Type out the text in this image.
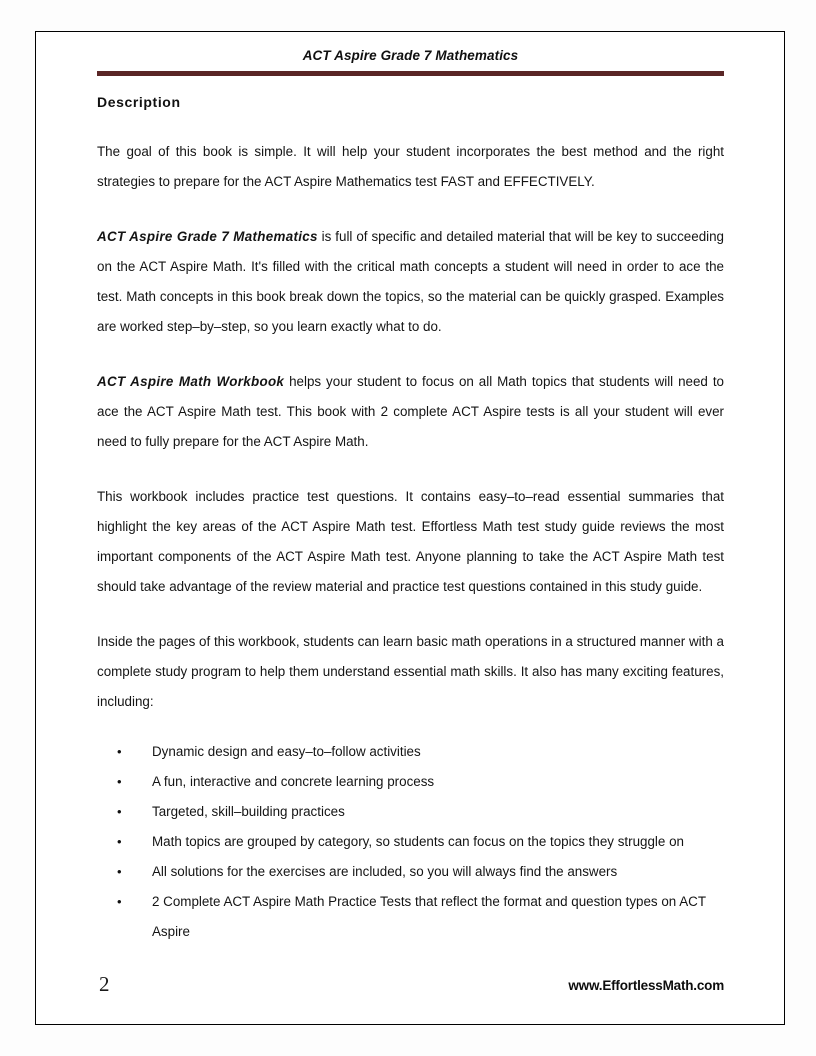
ACT Aspire Grade 7 Mathematics
Description

The goal of this book is simple. It will help your student incorporates the best method and the right strategies to prepare for the ACT Aspire Mathematics test FAST and EFFECTIVELY.

ACT Aspire Grade 7 Mathematics is full of specific and detailed material that will be key to succeeding on the ACT Aspire Math. It's filled with the critical math concepts a student will need in order to ace the test. Math concepts in this book break down the topics, so the material can be quickly grasped. Examples are worked step–by–step, so you learn exactly what to do.

ACT Aspire Math Workbook helps your student to focus on all Math topics that students will need to ace the ACT Aspire Math test. This book with 2 complete ACT Aspire tests is all your student will ever need to fully prepare for the ACT Aspire Math.

This workbook includes practice test questions. It contains easy–to–read essential summaries that highlight the key areas of the ACT Aspire Math test. Effortless Math test study guide reviews the most important components of the ACT Aspire Math test. Anyone planning to take the ACT Aspire Math test should take advantage of the review material and practice test questions contained in this study guide.

Inside the pages of this workbook, students can learn basic math operations in a structured manner with a complete study program to help them understand essential math skills. It also has many exciting features, including:

• Dynamic design and easy–to–follow activities
• A fun, interactive and concrete learning process
• Targeted, skill–building practices
• Math topics are grouped by category, so students can focus on the topics they struggle on
• All solutions for the exercises are included, so you will always find the answers
• 2 Complete ACT Aspire Math Practice Tests that reflect the format and question types on ACT Aspire
2	www.EffortlessMath.com
